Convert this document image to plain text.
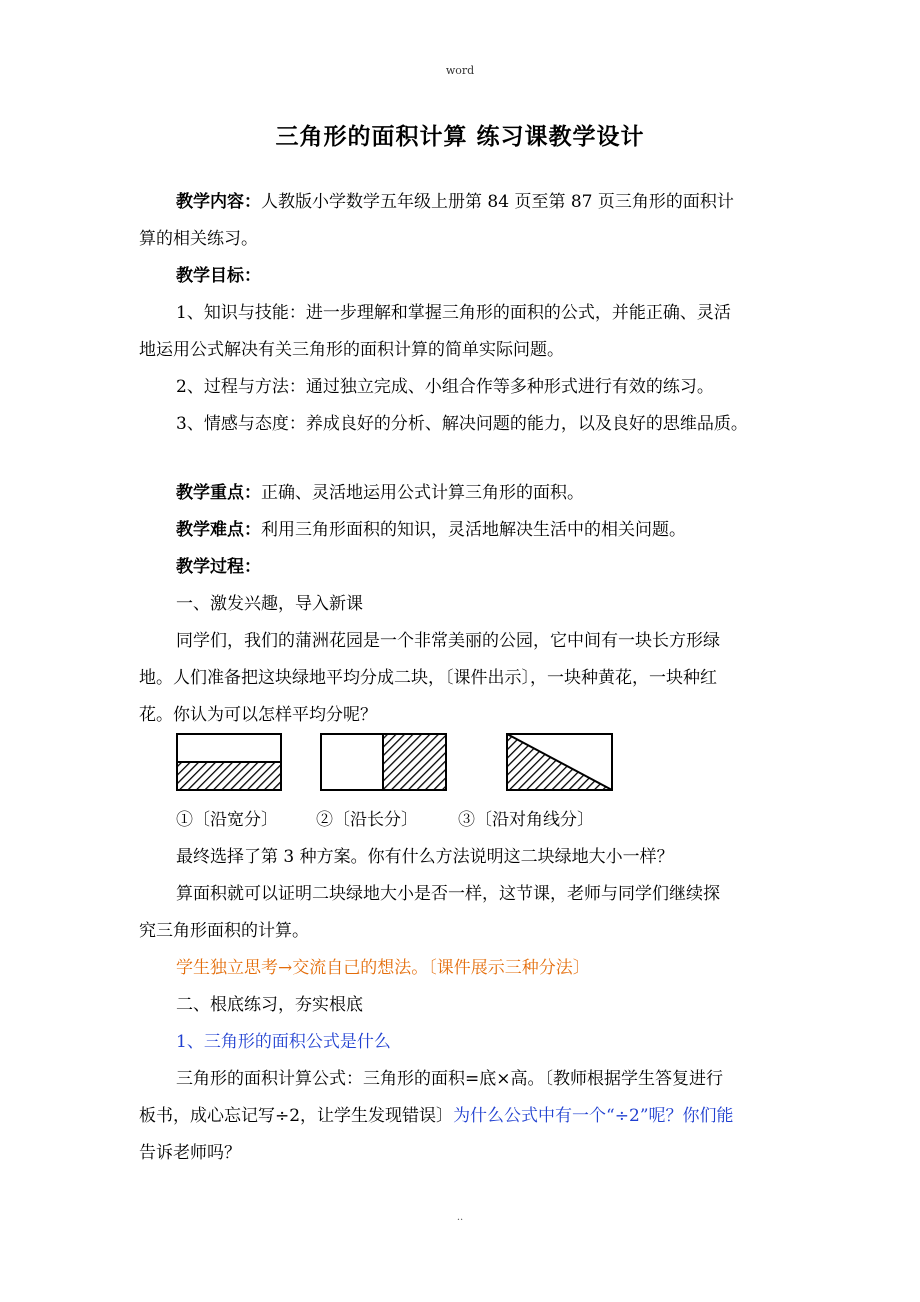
word
三角形的面积计算 练习课教学设计
教学内容：人教版小学数学五年级上册第 84 页至第 87 页三角形的面积计
算的相关练习。
教学目标：
1、知识与技能：进一步理解和掌握三角形的面积的公式，并能正确、灵活
地运用公式解决有关三角形的面积计算的简单实际问题。
2、过程与方法：通过独立完成、小组合作等多种形式进行有效的练习。
3、情感与态度：养成良好的分析、解决问题的能力，以及良好的思维品质。
教学重点：正确、灵活地运用公式计算三角形的面积。
教学难点：利用三角形面积的知识，灵活地解决生活中的相关问题。
教学过程：
一、激发兴趣，导入新课
同学们，我们的蒲洲花园是一个非常美丽的公园，它中间有一块长方形绿
地。人们准备把这块绿地平均分成二块，〔课件出示〕，一块种黄花，一块种红
花。你认为可以怎样平均分呢？
①〔沿宽分〕 ②〔沿长分〕 ③〔沿对角线分〕
最终选择了第 3 种方案。你有什么方法说明这二块绿地大小一样？
算面积就可以证明二块绿地大小是否一样，这节课，老师与同学们继续探
究三角形面积的计算。
学生独立思考→交流自己的想法。〔课件展示三种分法〕
二、根底练习，夯实根底
1、三角形的面积公式是什么
三角形的面积计算公式：三角形的面积=底×高。〔教师根据学生答复进行
板书，成心忘记写÷2，让学生发现错误〕为什么公式中有一个“÷2”呢？你们能
告诉老师吗？
..
